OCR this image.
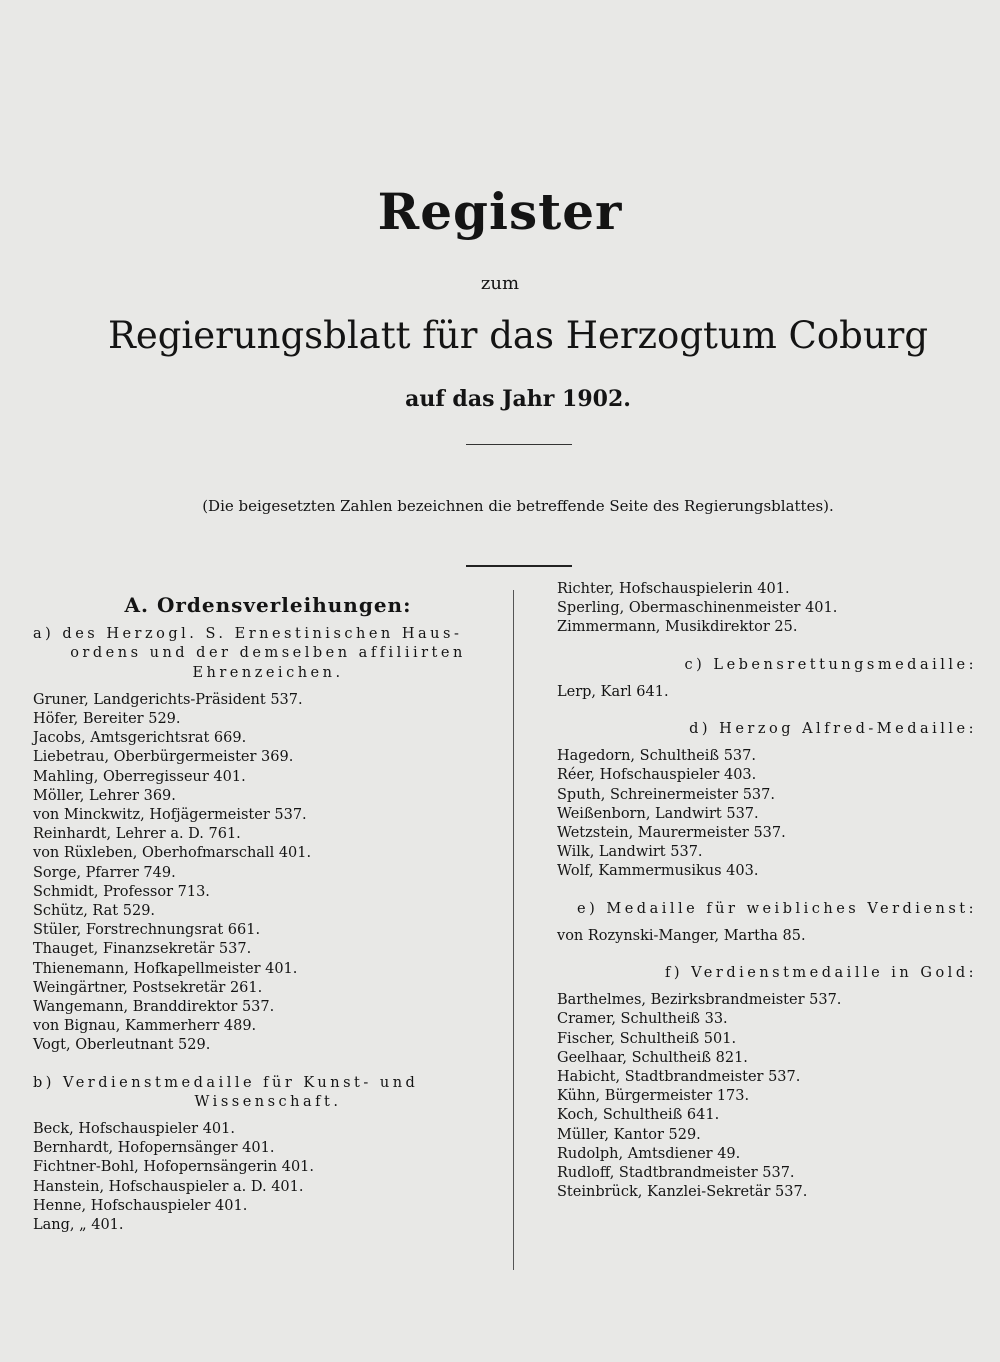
Register
zum
Regierungsblatt für das Herzogtum Coburg
auf das Jahr 1902.
(Die beigesetzten Zahlen bezeichnen die betreffende Seite des Regierungsblattes).
A. Ordensverleihungen:
a) des Herzogl. S. Ernestinischen Haus-
ordens und der demselben affiliirten
Ehrenzeichen.
Gruner, Landgerichts-Präsident 537.
Höfer, Bereiter 529.
Jacobs, Amtsgerichtsrat 669.
Liebetrau, Oberbürgermeister 369.
Mahling, Oberregisseur 401.
Möller, Lehrer 369.
von Minckwitz, Hofjägermeister 537.
Reinhardt, Lehrer a. D. 761.
von Rüxleben, Oberhofmarschall 401.
Sorge, Pfarrer 749.
Schmidt, Professor 713.
Schütz, Rat 529.
Stüler, Forstrechnungsrat 661.
Thauget, Finanzsekretär 537.
Thienemann, Hofkapellmeister 401.
Weingärtner, Postsekretär 261.
Wangemann, Branddirektor 537.
von Bignau, Kammerherr 489.
Vogt, Oberleutnant 529.
b) Verdienstmedaille für Kunst- und
Wissenschaft.
Beck, Hofschauspieler 401.
Bernhardt, Hofopernsänger 401.
Fichtner-Bohl, Hofopernsängerin 401.
Hanstein, Hofschauspieler a. D. 401.
Henne, Hofschauspieler 401.
Lang, „ 401.
Richter, Hofschauspielerin 401.
Sperling, Obermaschinenmeister 401.
Zimmermann, Musikdirektor 25.
c) Lebensrettungsmedaille:
Lerp, Karl 641.
d) Herzog Alfred-Medaille:
Hagedorn, Schultheiß 537.
Réer, Hofschauspieler 403.
Sputh, Schreinermeister 537.
Weißenborn, Landwirt 537.
Wetzstein, Maurermeister 537.
Wilk, Landwirt 537.
Wolf, Kammermusikus 403.
e) Medaille für weibliches Verdienst:
von Rozynski-Manger, Martha 85.
f) Verdienstmedaille in Gold:
Barthelmes, Bezirksbrandmeister 537.
Cramer, Schultheiß 33.
Fischer, Schultheiß 501.
Geelhaar, Schultheiß 821.
Habicht, Stadtbrandmeister 537.
Kühn, Bürgermeister 173.
Koch, Schultheiß 641.
Müller, Kantor 529.
Rudolph, Amtsdiener 49.
Rudloff, Stadtbrandmeister 537.
Steinbrück, Kanzlei-Sekretär 537.
